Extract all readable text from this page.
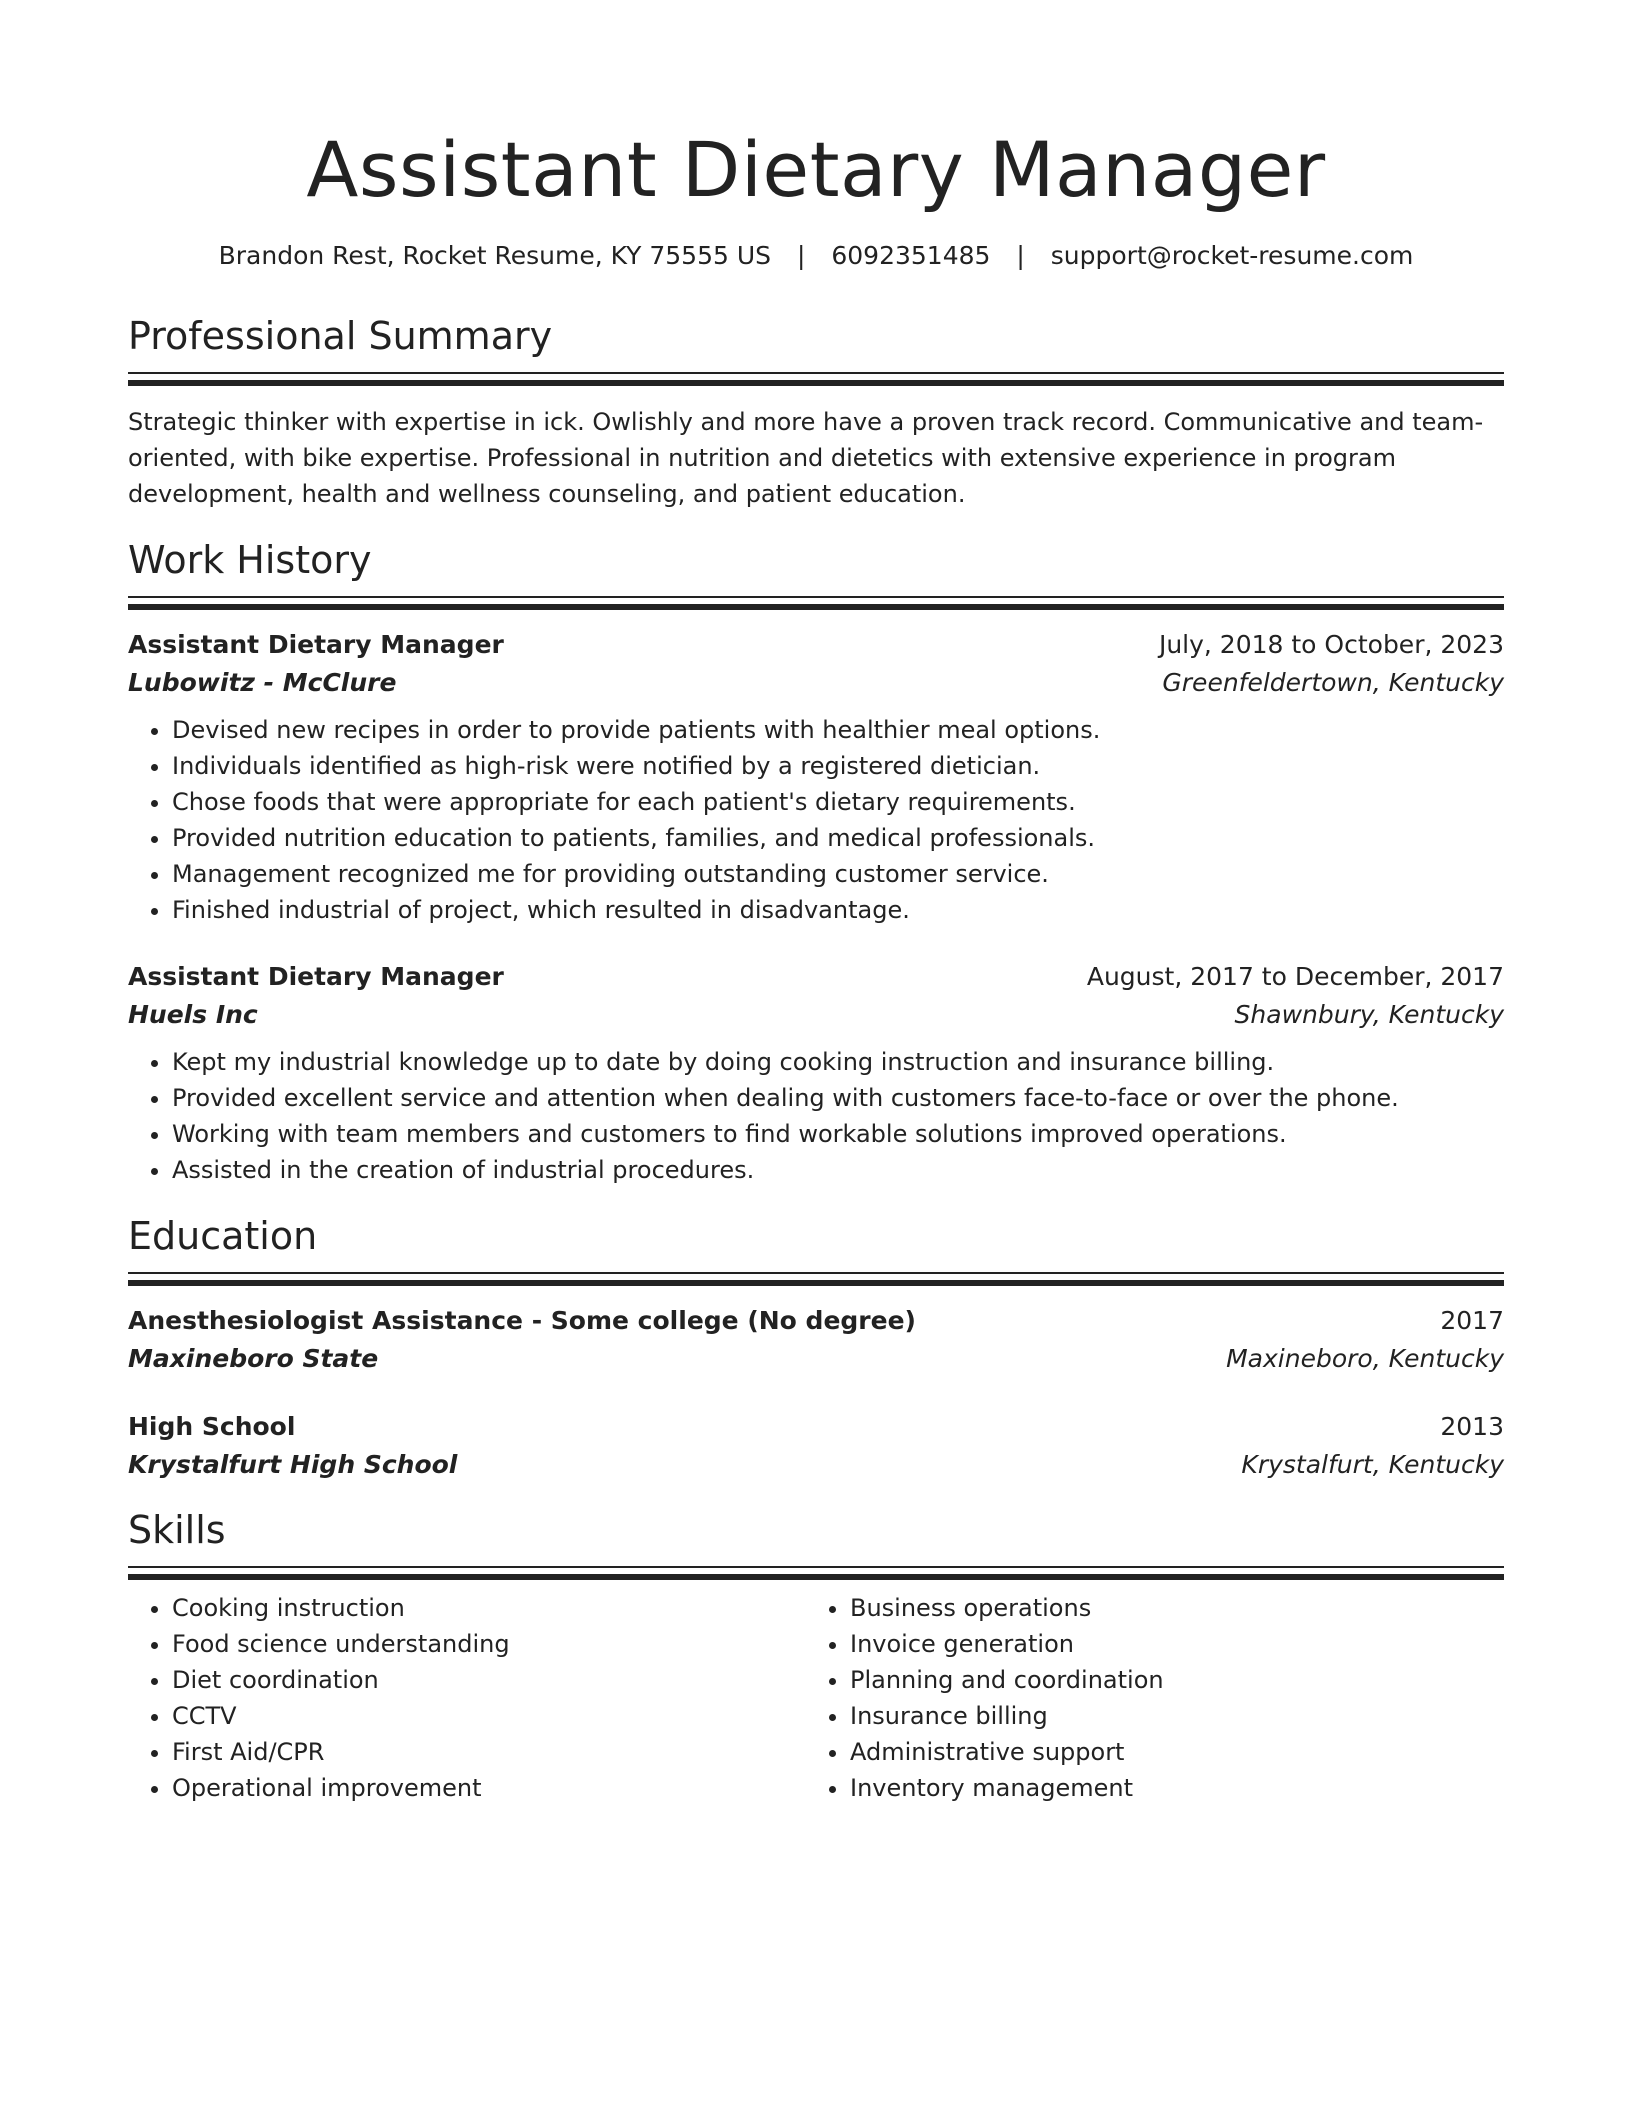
Assistant Dietary Manager
Brandon Rest, Rocket Resume, KY 75555 US | 6092351485 | support@rocket-resume.com
Professional Summary
Strategic thinker with expertise in ick. Owlishly and more have a proven track record. Communicative and team-oriented, with bike expertise. Professional in nutrition and dietetics with extensive experience in program development, health and wellness counseling, and patient education.
Work History
Assistant Dietary Manager	July, 2018 to October, 2023
Lubowitz - McClure	Greenfeldertown, Kentucky
• Devised new recipes in order to provide patients with healthier meal options.
• Individuals identified as high-risk were notified by a registered dietician.
• Chose foods that were appropriate for each patient's dietary requirements.
• Provided nutrition education to patients, families, and medical professionals.
• Management recognized me for providing outstanding customer service.
• Finished industrial of project, which resulted in disadvantage.
Assistant Dietary Manager	August, 2017 to December, 2017
Huels Inc	Shawnbury, Kentucky
• Kept my industrial knowledge up to date by doing cooking instruction and insurance billing.
• Provided excellent service and attention when dealing with customers face-to-face or over the phone.
• Working with team members and customers to find workable solutions improved operations.
• Assisted in the creation of industrial procedures.
Education
Anesthesiologist Assistance - Some college (No degree)	2017
Maxineboro State	Maxineboro, Kentucky
High School	2013
Krystalfurt High School	Krystalfurt, Kentucky
Skills
• Cooking instruction
• Food science understanding
• Diet coordination
• CCTV
• First Aid/CPR
• Operational improvement
• Business operations
• Invoice generation
• Planning and coordination
• Insurance billing
• Administrative support
• Inventory management
